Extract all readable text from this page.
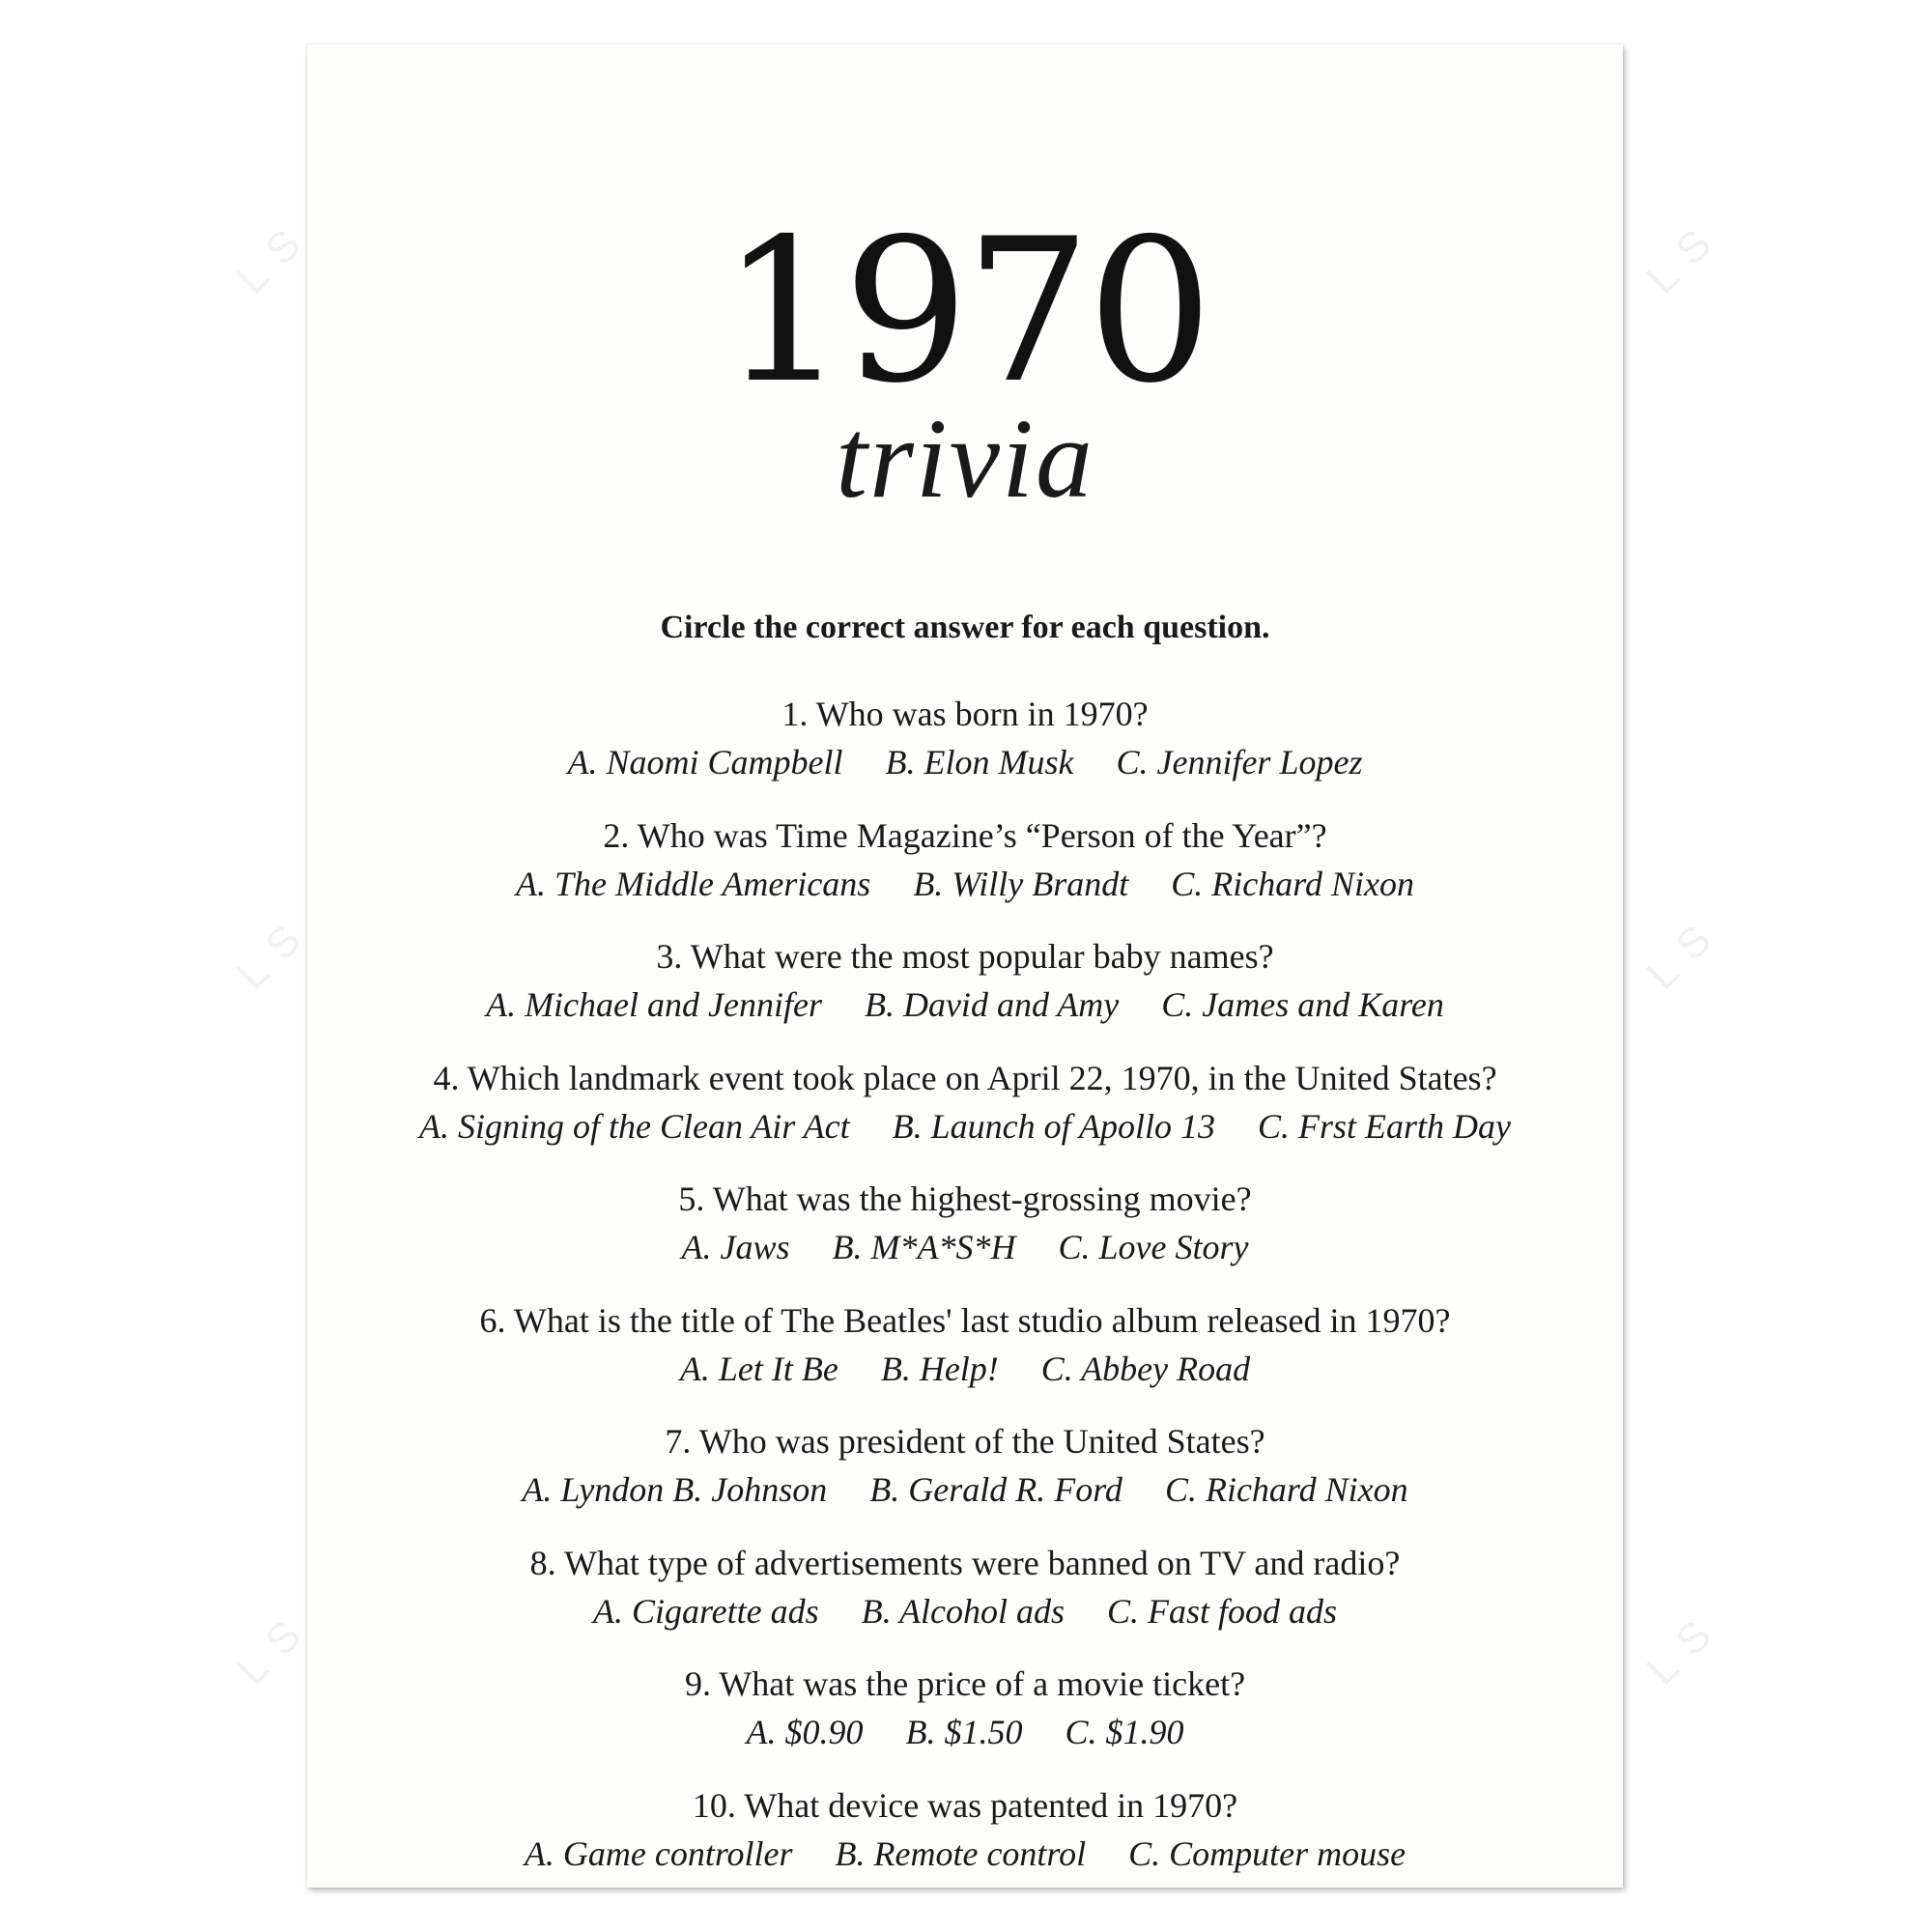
LS	LS
LS	LS
LS	LS
1970
trivia
Circle the correct answer for each question.
1. Who was born in 1970?
A. Naomi Campbell B. Elon Musk C. Jennifer Lopez
2. Who was Time Magazine’s “Person of the Year”?
A. The Middle Americans B. Willy Brandt C. Richard Nixon
3. What were the most popular baby names?
A. Michael and Jennifer B. David and Amy C. James and Karen
4. Which landmark event took place on April 22, 1970, in the United States?
A. Signing of the Clean Air Act B. Launch of Apollo 13 C. Frst Earth Day
5. What was the highest-grossing movie?
A. Jaws B. M*A*S*H C. Love Story
6. What is the title of The Beatles' last studio album released in 1970?
A. Let It Be B. Help! C. Abbey Road
7. Who was president of the United States?
A. Lyndon B. Johnson B. Gerald R. Ford C. Richard Nixon
8. What type of advertisements were banned on TV and radio?
A. Cigarette ads B. Alcohol ads C. Fast food ads
9. What was the price of a movie ticket?
A. $0.90 B. $1.50 C. $1.90
10. What device was patented in 1970?
A. Game controller B. Remote control C. Computer mouse
